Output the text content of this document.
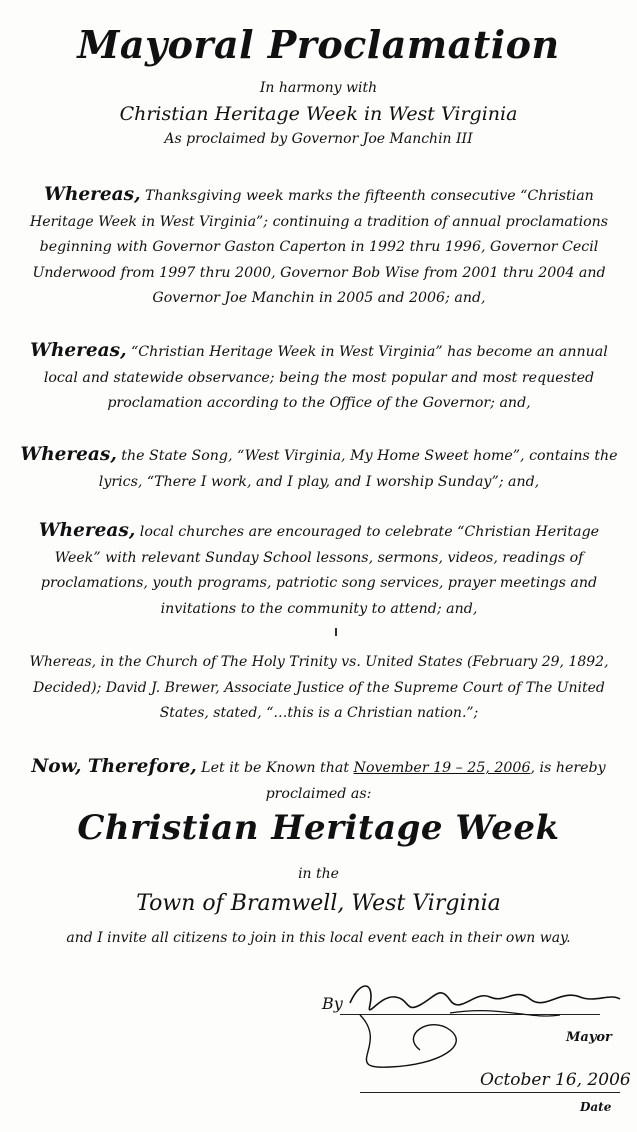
Mayoral Proclamation
In harmony with
Christian Heritage Week in West Virginia
As proclaimed by Governor Joe Manchin III
Whereas, Thanksgiving week marks the fifteenth consecutive “Christian Heritage Week in West Virginia”; continuing a tradition of annual proclamations beginning with Governor Gaston Caperton in 1992 thru 1996, Governor Cecil Underwood from 1997 thru 2000, Governor Bob Wise from 2001 thru 2004 and Governor Joe Manchin in 2005 and 2006; and,
Whereas, “Christian Heritage Week in West Virginia” has become an annual local and statewide observance; being the most popular and most requested proclamation according to the Office of the Governor; and,
Whereas, the State Song, “West Virginia, My Home Sweet home”, contains the lyrics, “There I work, and I play, and I worship Sunday”; and,
Whereas, local churches are encouraged to celebrate “Christian Heritage Week” with relevant Sunday School lessons, sermons, videos, readings of proclamations, youth programs, patriotic song services, prayer meetings and invitations to the community to attend; and,
Whereas, in the Church of The Holy Trinity vs. United States (February 29, 1892, Decided); David J. Brewer, Associate Justice of the Supreme Court of The United States, stated, “…this is a Christian nation.”;
Now, Therefore, Let it be Known that November 19 – 25, 2006, is hereby proclaimed as:
Christian Heritage Week
in the
Town of Bramwell, West Virginia
and I invite all citizens to join in this local event each in their own way.
By
Mayor
October 16, 2006
Date
